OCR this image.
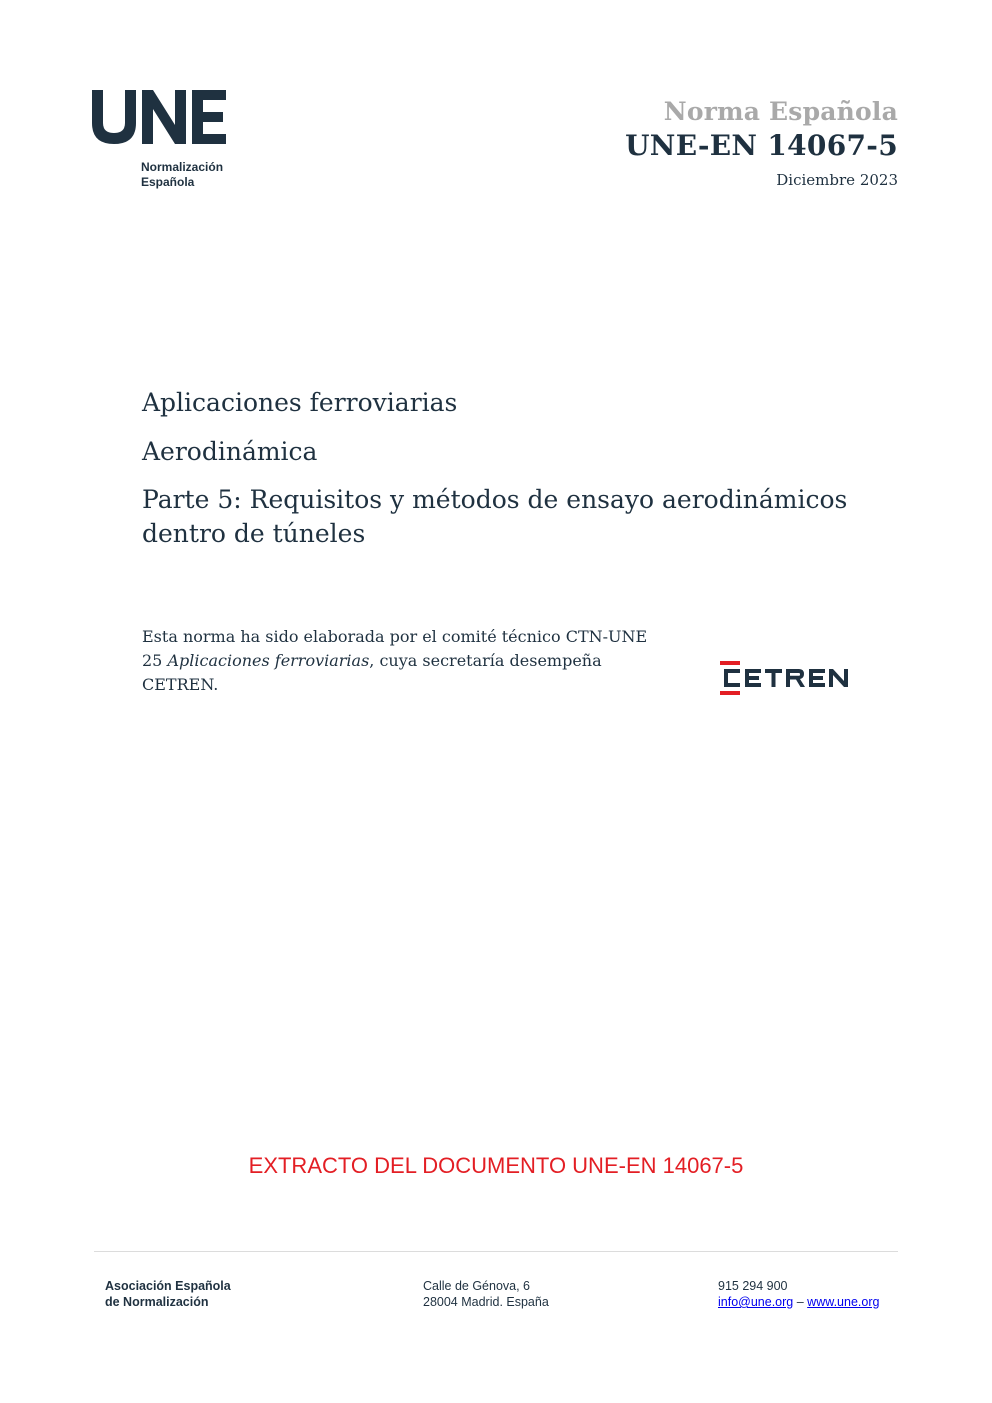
Normalización
Española
Norma Española
UNE-EN 14067-5
Diciembre 2023
Aplicaciones ferroviarias
Aerodinámica
Parte 5: Requisitos y métodos de ensayo aerodinámicos dentro de túneles
Esta norma ha sido elaborada por el comité técnico CTN-UNE 25 Aplicaciones ferroviarias, cuya secretaría desempeña CETREN.
EXTRACTO DEL DOCUMENTO UNE-EN 14067-5
Asociación Española
de Normalización
Calle de Génova, 6
28004 Madrid. España
915 294 900
info@une.org – www.une.org
